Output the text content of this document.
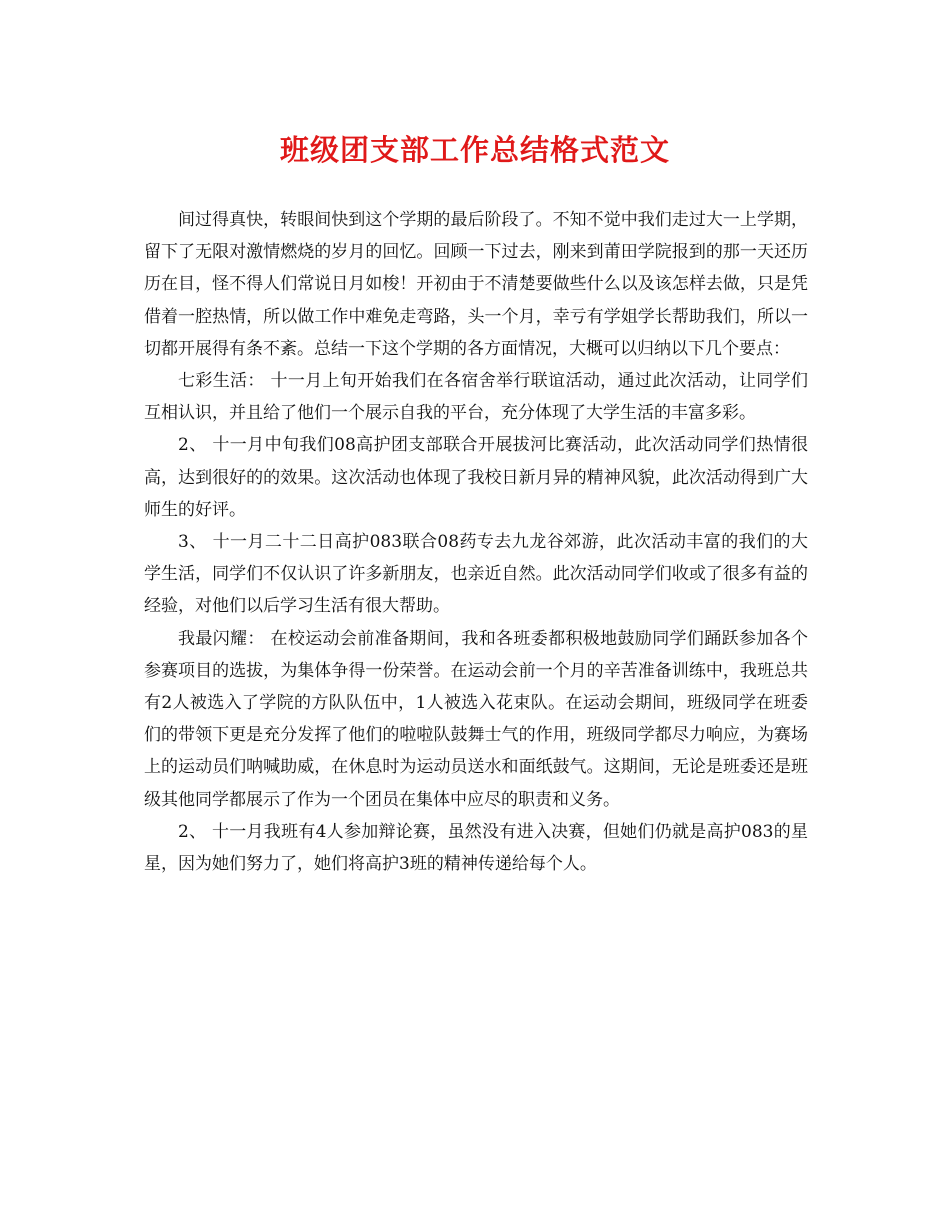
班级团支部工作总结格式范文

间过得真快，转眼间快到这个学期的最后阶段了。不知不觉中我们走过大一上学期，留下了无限对激情燃烧的岁月的回忆。回顾一下过去，刚来到莆田学院报到的那一天还历历在目，怪不得人们常说日月如梭！开初由于不清楚要做些什么以及该怎样去做，只是凭借着一腔热情，所以做工作中难免走弯路，头一个月，幸亏有学姐学长帮助我们，所以一切都开展得有条不紊。总结一下这个学期的各方面情况，大概可以归纳以下几个要点：

七彩生活： 十一月上旬开始我们在各宿舍举行联谊活动，通过此次活动，让同学们互相认识，并且给了他们一个展示自我的平台，充分体现了大学生活的丰富多彩。

2、 十一月中旬我们08高护团支部联合开展拔河比赛活动，此次活动同学们热情很高，达到很好的的效果。这次活动也体现了我校日新月异的精神风貌，此次活动得到广大师生的好评。

3、 十一月二十二日高护083联合08药专去九龙谷郊游，此次活动丰富的我们的大学生活，同学们不仅认识了许多新朋友，也亲近自然。此次活动同学们收或了很多有益的经验，对他们以后学习生活有很大帮助。

我最闪耀： 在校运动会前准备期间，我和各班委都积极地鼓励同学们踊跃参加各个参赛项目的选拔，为集体争得一份荣誉。在运动会前一个月的辛苦准备训练中，我班总共有2人被选入了学院的方队队伍中，1人被选入花束队。在运动会期间，班级同学在班委们的带领下更是充分发挥了他们的啦啦队鼓舞士气的作用，班级同学都尽力响应，为赛场上的运动员们呐喊助威，在休息时为运动员送水和面纸鼓气。这期间，无论是班委还是班级其他同学都展示了作为一个团员在集体中应尽的职责和义务。

2、 十一月我班有4人参加辩论赛，虽然没有进入决赛，但她们仍就是高护083的星星，因为她们努力了，她们将高护3班的精神传递给每个人。
